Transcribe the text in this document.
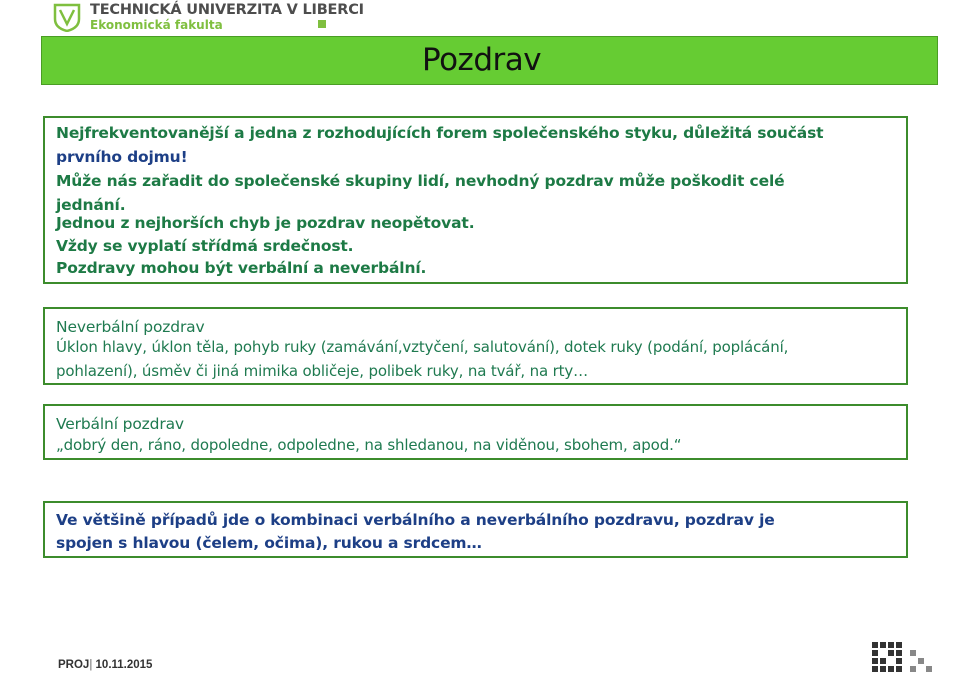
TECHNICKÁ UNIVERZITA V LIBERCI
Ekonomická fakulta
Pozdrav
Nejfrekventovanější a jedna z rozhodujících forem společenského styku, důležitá součást
prvního dojmu!
Může nás zařadit do společenské skupiny lidí, nevhodný pozdrav může poškodit celé
jednání.
Jednou z nejhorších chyb je pozdrav neopětovat.
Vždy se vyplatí střídmá srdečnost.
Pozdravy mohou být verbální a neverbální.
Neverbální pozdrav
Úklon hlavy, úklon těla, pohyb ruky (zamávání,vztyčení, salutování), dotek ruky (podání, poplácání,
pohlazení), úsměv či jiná mimika obličeje, polibek ruky, na tvář, na rty…
Verbální pozdrav
„dobrý den, ráno, dopoledne, odpoledne, na shledanou, na viděnou, sbohem, apod.“
Ve většině případů jde o kombinaci verbálního a neverbálního pozdravu, pozdrav je
spojen s hlavou (čelem, očima), rukou a srdcem…
PROJ| 10.11.2015
